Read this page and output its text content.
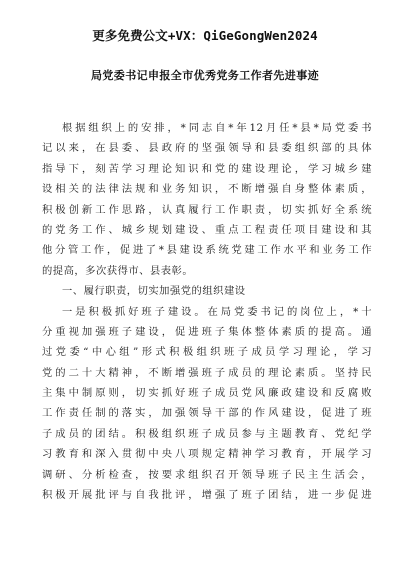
更多免费公文+VX：QiGeGongWen2024
局党委书记申报全市优秀党务工作者先进事迹
根据组织上的安排，*同志自*年12月任*县*局党委书
记以来，在县委、县政府的坚强领导和县委组织部的具体
指导下，刻苦学习理论知识和党的建设理论，学习城乡建
设相关的法律法规和业务知识，不断增强自身整体素质，
积极创新工作思路，认真履行工作职责，切实抓好全系统
的党务工作、城乡规划建设、重点工程责任项目建设和其
他分管工作，促进了*县建设系统党建工作水平和业务工作
的提高，多次获得市、县表彰。
一、履行职责，切实加强党的组织建设
一是积极抓好班子建设。在局党委书记的岗位上，*十
分重视加强班子建设，促进班子集体整体素质的提高。通
过党委“中心组”形式积极组织班子成员学习理论，学习
党的二十大精神，不断增强班子成员的理论素质。坚持民
主集中制原则，切实抓好班子成员党风廉政建设和反腐败
工作责任制的落实，加强领导干部的作风建设，促进了班
子成员的团结。积极组织班子成员参与主题教育、党纪学
习教育和深入贯彻中央八项规定精神学习教育，开展学习
调研、分析检查，按要求组织召开领导班子民主生活会，
积极开展批评与自我批评，增强了班子团结，进一步促进
